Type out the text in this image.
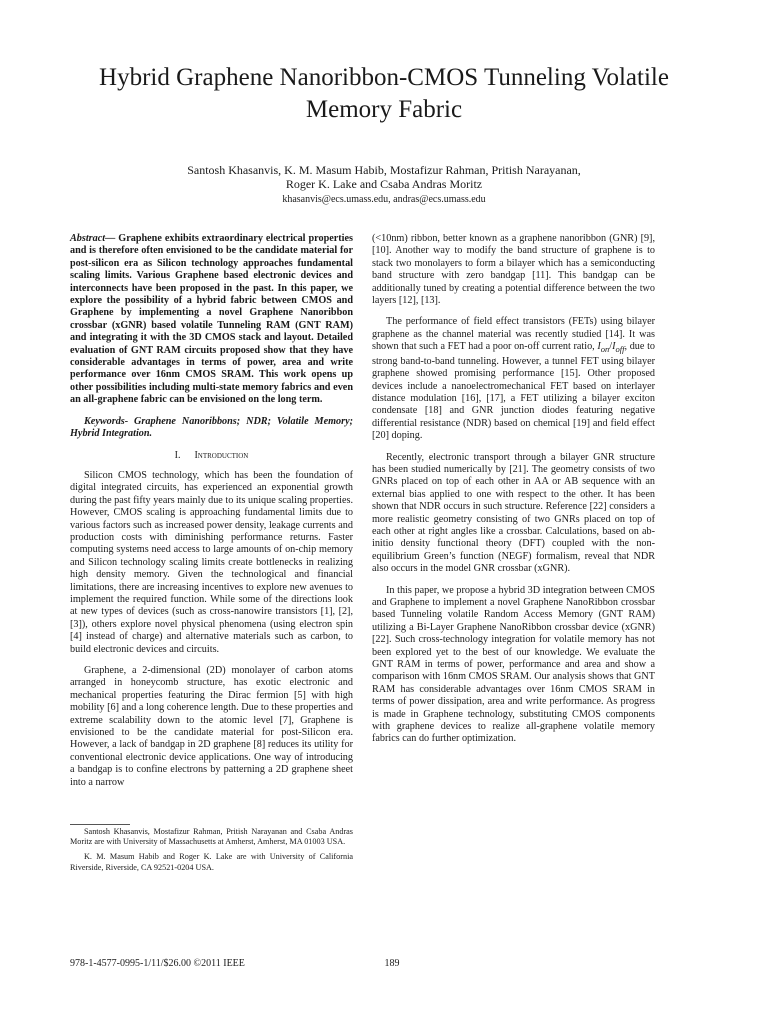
Hybrid Graphene Nanoribbon-CMOS Tunneling Volatile Memory Fabric
Santosh Khasanvis, K. M. Masum Habib, Mostafizur Rahman, Pritish Narayanan,
Roger K. Lake and Csaba Andras Moritz
khasanvis@ecs.umass.edu, andras@ecs.umass.edu

Abstract— Graphene exhibits extraordinary electrical properties and is therefore often envisioned to be the candidate material for post-silicon era as Silicon technology approaches fundamental scaling limits. Various Graphene based electronic devices and interconnects have been proposed in the past. In this paper, we explore the possibility of a hybrid fabric between CMOS and Graphene by implementing a novel Graphene Nanoribbon crossbar (xGNR) based volatile Tunneling RAM (GNT RAM) and integrating it with the 3D CMOS stack and layout. Detailed evaluation of GNT RAM circuits proposed show that they have considerable advantages in terms of power, area and write performance over 16nm CMOS SRAM. This work opens up other possibilities including multi-state memory fabrics and even an all-graphene fabric can be envisioned on the long term.

Keywords- Graphene Nanoribbons; NDR; Volatile Memory; Hybrid Integration.

I. Introduction

Silicon CMOS technology, which has been the foundation of digital integrated circuits, has experienced an exponential growth during the past fifty years mainly due to its unique scaling properties. However, CMOS scaling is approaching fundamental limits due to various factors such as increased power density, leakage currents and production costs with diminishing performance returns. Faster computing systems need access to large amounts of on-chip memory and Silicon technology scaling limits create bottlenecks in realizing high density memory. Given the technological and financial limitations, there are increasing incentives to explore new avenues to implement the required function. While some of the directions look at new types of devices (such as cross-nanowire transistors [1], [2], [3]), others explore novel physical phenomena (using electron spin [4] instead of charge) and alternative materials such as carbon, to build electronic devices and circuits.

Graphene, a 2-dimensional (2D) monolayer of carbon atoms arranged in honeycomb structure, has exotic electronic and mechanical properties featuring the Dirac fermion [5] with high mobility [6] and a long coherence length. Due to these properties and extreme scalability down to the atomic level [7], Graphene is envisioned to be the candidate material for post-Silicon era. However, a lack of bandgap in 2D graphene [8] reduces its utility for conventional electronic device applications. One way of introducing a bandgap is to confine electrons by patterning a 2D graphene sheet into a narrow

(<10nm) ribbon, better known as a graphene nanoribbon (GNR) [9], [10]. Another way to modify the band structure of graphene is to stack two monolayers to form a bilayer which has a semiconducting band structure with zero bandgap [11]. This bandgap can be additionally tuned by creating a potential difference between the two layers [12], [13].

The performance of field effect transistors (FETs) using bilayer graphene as the channel material was recently studied [14]. It was shown that such a FET had a poor on-off current ratio, $I_{on}/I_{off}$, due to strong band-to-band tunneling. However, a tunnel FET using bilayer graphene showed promising performance [15]. Other proposed devices include a nanoelectromechanical FET based on interlayer distance modulation [16], [17], a FET utilizing a bilayer exciton condensate [18] and GNR junction diodes featuring negative differential resistance (NDR) based on chemical [19] and field effect [20] doping.

Recently, electronic transport through a bilayer GNR structure has been studied numerically by [21]. The geometry consists of two GNRs placed on top of each other in AA or AB sequence with an external bias applied to one with respect to the other. It has been shown that NDR occurs in such structure. Reference [22] considers a more realistic geometry consisting of two GNRs placed on top of each other at right angles like a crossbar. Calculations, based on ab-initio density functional theory (DFT) coupled with the non-equilibrium Green’s function (NEGF) formalism, reveal that NDR also occurs in the model GNR crossbar (xGNR).

In this paper, we propose a hybrid 3D integration between CMOS and Graphene to implement a novel Graphene NanoRibbon crossbar based Tunneling volatile Random Access Memory (GNT RAM) utilizing a Bi-Layer Graphene NanoRibbon crossbar device (xGNR) [22]. Such cross-technology integration for volatile memory has not been explored yet to the best of our knowledge. We evaluate the GNT RAM in terms of power, performance and area and show a comparison with 16nm CMOS SRAM. Our analysis shows that GNT RAM has considerable advantages over 16nm CMOS SRAM in terms of power dissipation, area and write performance. As progress is made in Graphene technology, substituting CMOS components with graphene devices to realize all-graphene volatile memory fabrics can do further optimization.

Santosh Khasanvis, Mostafizur Rahman, Pritish Narayanan and Csaba Andras Moritz are with University of Massachusetts at Amherst, Amherst, MA 01003 USA.

K. M. Masum Habib and Roger K. Lake are with University of California Riverside, Riverside, CA 92521-0204 USA.

978-1-4577-0995-1/11/$26.00 ©2011 IEEE	189
